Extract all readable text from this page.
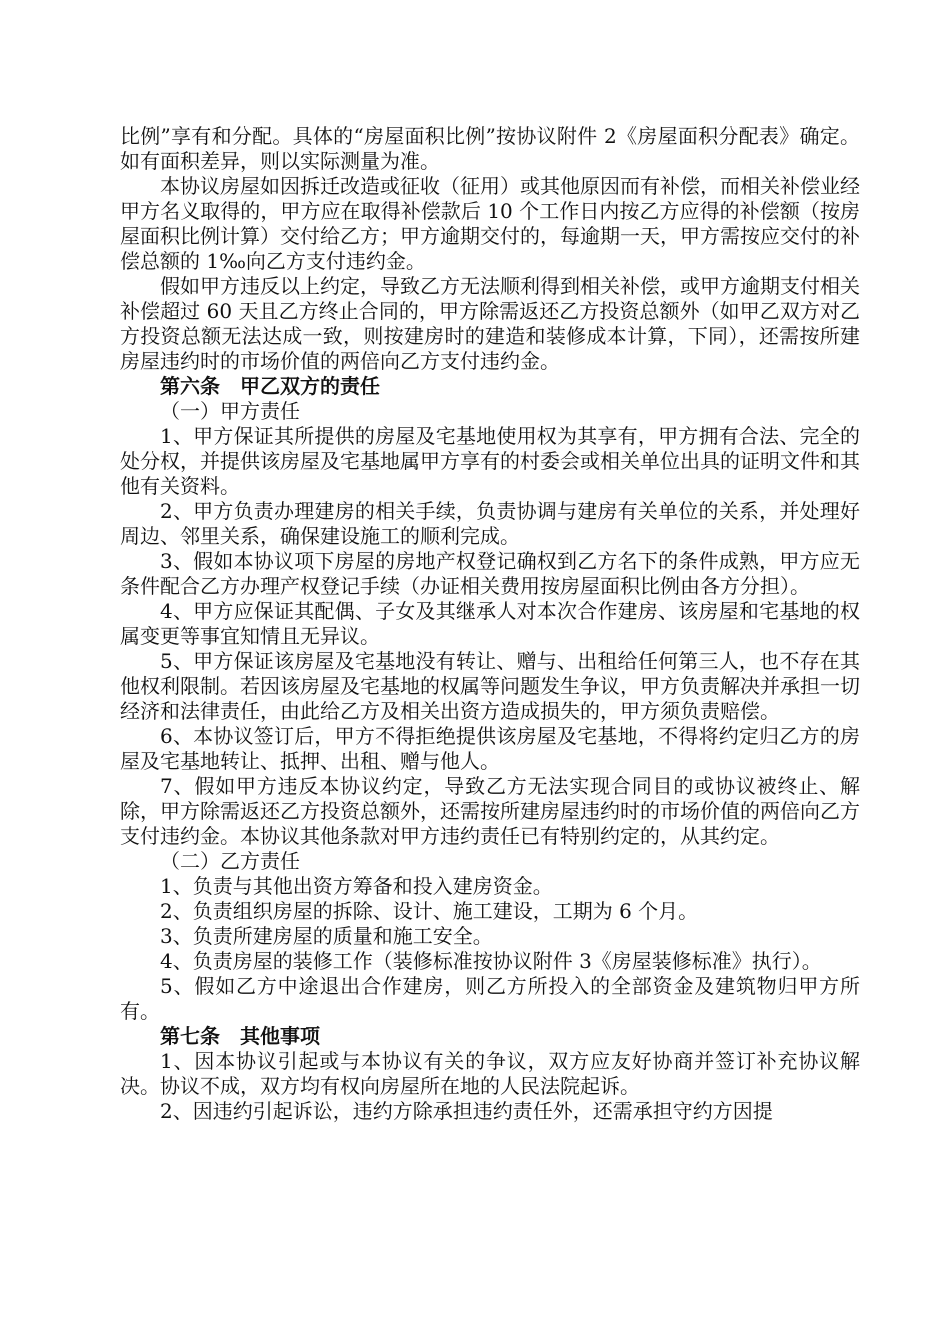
比例”享有和分配。具体的“房屋面积比例”按协议附件 2《房屋面积分配表》确定。如有面积差异，则以实际测量为准。

本协议房屋如因拆迁改造或征收（征用）或其他原因而有补偿，而相关补偿业经甲方名义取得的，甲方应在取得补偿款后 10 个工作日内按乙方应得的补偿额（按房屋面积比例计算）交付给乙方；甲方逾期交付的，每逾期一天，甲方需按应交付的补偿总额的 1‰向乙方支付违约金。

假如甲方违反以上约定，导致乙方无法顺利得到相关补偿，或甲方逾期支付相关补偿超过 60 天且乙方终止合同的，甲方除需返还乙方投资总额外（如甲乙双方对乙方投资总额无法达成一致，则按建房时的建造和装修成本计算，下同），还需按所建房屋违约时的市场价值的两倍向乙方支付违约金。

第六条　甲乙双方的责任

（一）甲方责任

1、甲方保证其所提供的房屋及宅基地使用权为其享有，甲方拥有合法、完全的处分权，并提供该房屋及宅基地属甲方享有的村委会或相关单位出具的证明文件和其他有关资料。

2、甲方负责办理建房的相关手续，负责协调与建房有关单位的关系，并处理好周边、邻里关系，确保建设施工的顺利完成。

3、假如本协议项下房屋的房地产权登记确权到乙方名下的条件成熟，甲方应无条件配合乙方办理产权登记手续（办证相关费用按房屋面积比例由各方分担）。

4、甲方应保证其配偶、子女及其继承人对本次合作建房、该房屋和宅基地的权属变更等事宜知情且无异议。

5、甲方保证该房屋及宅基地没有转让、赠与、出租给任何第三人，也不存在其他权利限制。若因该房屋及宅基地的权属等问题发生争议，甲方负责解决并承担一切经济和法律责任，由此给乙方及相关出资方造成损失的，甲方须负责赔偿。

6、本协议签订后，甲方不得拒绝提供该房屋及宅基地，不得将约定归乙方的房屋及宅基地转让、抵押、出租、赠与他人。

7、假如甲方违反本协议约定，导致乙方无法实现合同目的或协议被终止、解除，甲方除需返还乙方投资总额外，还需按所建房屋违约时的市场价值的两倍向乙方支付违约金。本协议其他条款对甲方违约责任已有特别约定的，从其约定。

（二）乙方责任

1、负责与其他出资方筹备和投入建房资金。

2、负责组织房屋的拆除、设计、施工建设，工期为 6 个月。

3、负责所建房屋的质量和施工安全。

4、负责房屋的装修工作（装修标准按协议附件 3《房屋装修标准》执行）。

5、假如乙方中途退出合作建房，则乙方所投入的全部资金及建筑物归甲方所有。

第七条　其他事项

1、因本协议引起或与本协议有关的争议，双方应友好协商并签订补充协议解决。协议不成，双方均有权向房屋所在地的人民法院起诉。

2、因违约引起诉讼，违约方除承担违约责任外，还需承担守约方因提
